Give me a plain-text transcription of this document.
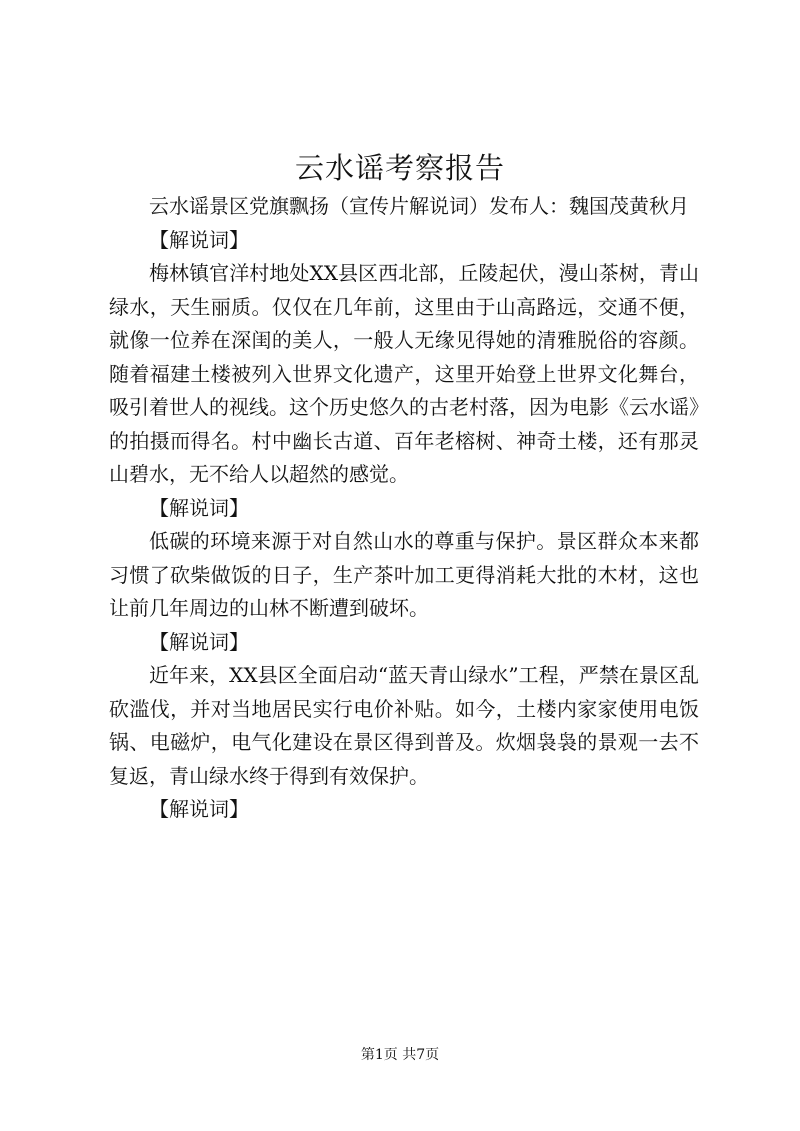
云水谣考察报告

云水谣景区党旗飘扬（宣传片解说词）发布人：魏国茂黄秋月

【解说词】

梅林镇官洋村地处XX县区西北部，丘陵起伏，漫山茶树，青山绿水，天生丽质。仅仅在几年前，这里由于山高路远，交通不便，就像一位养在深闺的美人，一般人无缘见得她的清雅脱俗的容颜。随着福建土楼被列入世界文化遗产，这里开始登上世界文化舞台，吸引着世人的视线。这个历史悠久的古老村落，因为电影《云水谣》的拍摄而得名。村中幽长古道、百年老榕树、神奇土楼，还有那灵山碧水，无不给人以超然的感觉。

【解说词】

低碳的环境来源于对自然山水的尊重与保护。景区群众本来都习惯了砍柴做饭的日子，生产茶叶加工更得消耗大批的木材，这也让前几年周边的山林不断遭到破坏。

【解说词】

近年来，XX县区全面启动“蓝天青山绿水”工程，严禁在景区乱砍滥伐，并对当地居民实行电价补贴。如今，土楼内家家使用电饭锅、电磁炉，电气化建设在景区得到普及。炊烟袅袅的景观一去不复返，青山绿水终于得到有效保护。

【解说词】

第1页 共7页
